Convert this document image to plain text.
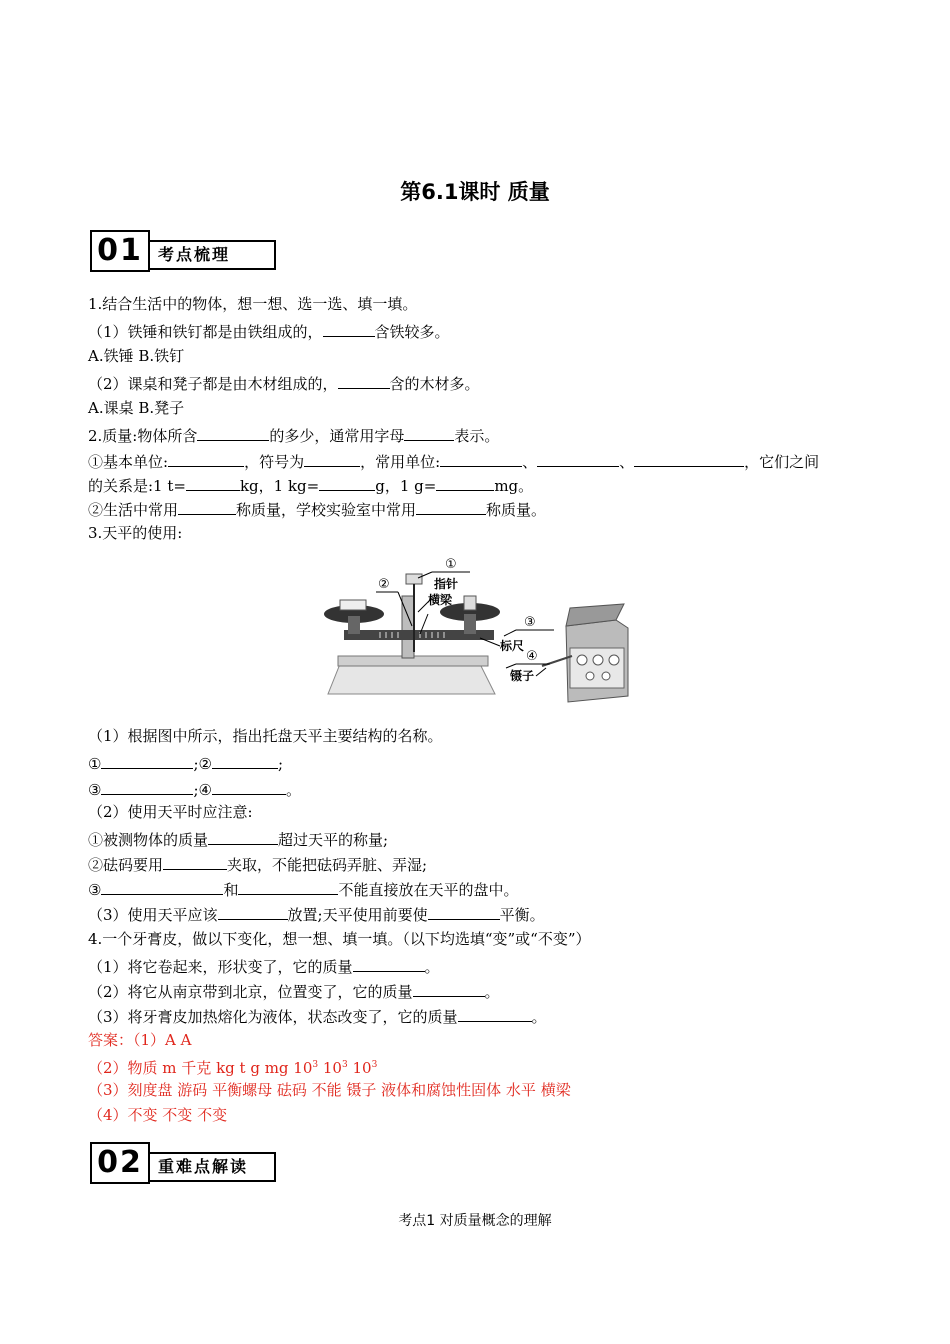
第6.1课时 质量
01 考点梳理
1.结合生活中的物体，想一想、选一选、填一填。
（1）铁锤和铁钉都是由铁组成的，	含铁较多。
A.铁锤 B.铁钉
（2）课桌和凳子都是由木材组成的，	含的木材多。
A.课桌 B.凳子
2.质量:物体所含	的多少，通常用字母	表示。
①基本单位:	，符号为	，常用单位:	、	、	，它们之间
的关系是:1 t=	kg，1 kg=	g，1 g=	mg。
②生活中常用	称质量，学校实验室中常用	称质量。
3.天平的使用:
①
②	指针
横梁
③
标尺
④
镊子
（1）根据图中所示，指出托盘天平主要结构的名称。
①	;②	;
③	;④	。
（2）使用天平时应注意:
①被测物体的质量	超过天平的称量;
②砝码要用	夹取，不能把砝码弄脏、弄湿;
③	和	不能直接放在天平的盘中。
（3）使用天平应该	放置;天平使用前要使	平衡。
4.一个牙膏皮，做以下变化，想一想、填一填。（以下均选填“变”或“不变”）
（1）将它卷起来，形状变了，它的质量	。
（2）将它从南京带到北京，位置变了，它的质量	。
（3）将牙膏皮加热熔化为液体，状态改变了，它的质量	。
答案：（1）A A
（2）物质 m 千克 kg t g mg $10^3$ $10^3$ $10^3$
（3）刻度盘 游码 平衡螺母 砝码 不能 镊子 液体和腐蚀性固体 水平 横梁
（4）不变 不变 不变
02 重难点解读
考点1 对质量概念的理解
